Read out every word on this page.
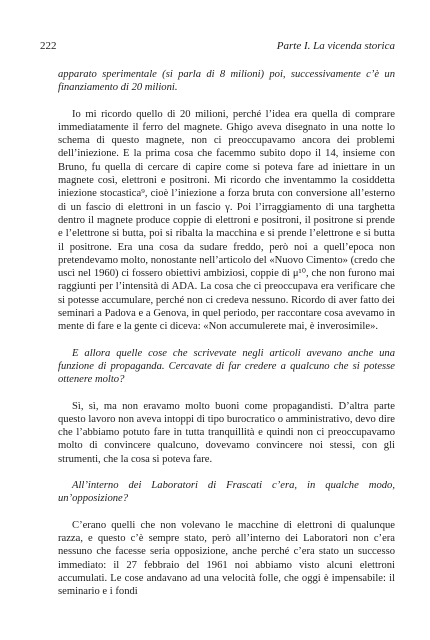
222	Parte I. La vicenda storica

apparato sperimentale (si parla di 8 milioni) poi, successivamente c’è un finanziamento di 20 milioni.

Io mi ricordo quello di 20 milioni, perché l’idea era quella di comprare immediatamente il ferro del magnete. Ghigo aveva disegnato in una notte lo schema di questo magnete, non ci preoccupavamo ancora dei problemi dell’iniezione. E la prima cosa che facemmo subito dopo il 14, insieme con Bruno, fu quella di cercare di capire come si poteva fare ad iniettare in un magnete così, elettroni e positroni. Mi ricordo che inventammo la cosiddetta iniezione stocastica⁹, cioè l’iniezione a forza bruta con conversione all’esterno di un fascio di elettroni in un fascio γ. Poi l’irraggiamento di una targhetta dentro il magnete produce coppie di elettroni e positroni, il positrone si prende e l’elettrone si butta, poi si ribalta la macchina e si prende l’elettrone e si butta il positrone. Era una cosa da sudare freddo, però noi a quell’epoca non pretendevamo molto, nonostante nell’articolo del «Nuovo Cimento» (credo che uscì nel 1960) ci fossero obiettivi ambiziosi, coppie di μ¹⁰, che non furono mai raggiunti per l’intensità di ADA. La cosa che ci preoccupava era verificare che si potesse accumulare, perché non ci credeva nessuno. Ricordo di aver fatto dei seminari a Padova e a Genova, in quel periodo, per raccontare cosa avevamo in mente di fare e la gente ci diceva: «Non accumulerete mai, è inverosimile».

E allora quelle cose che scrivevate negli articoli avevano anche una funzione di propaganda. Cercavate di far credere a qualcuno che si potesse ottenere molto?

Sì, sì, ma non eravamo molto buoni come propagandisti. D’altra parte questo lavoro non aveva intoppi di tipo burocratico o amministrativo, devo dire che l’abbiamo potuto fare in tutta tranquillità e quindi non ci preoccupavamo molto di convincere qualcuno, dovevamo convincere noi stessi, con gli strumenti, che la cosa si poteva fare.

All’interno dei Laboratori di Frascati c’era, in qualche modo, un’opposizione?

C’erano quelli che non volevano le macchine di elettroni di qualunque razza, e questo c’è sempre stato, però all’interno dei Laboratori non c’era nessuno che facesse seria opposizione, anche perché c’era stato un successo immediato: il 27 febbraio del 1961 noi abbiamo visto alcuni elettroni accumulati. Le cose andavano ad una velocità folle, che oggi è impensabile: il seminario e i fondi
